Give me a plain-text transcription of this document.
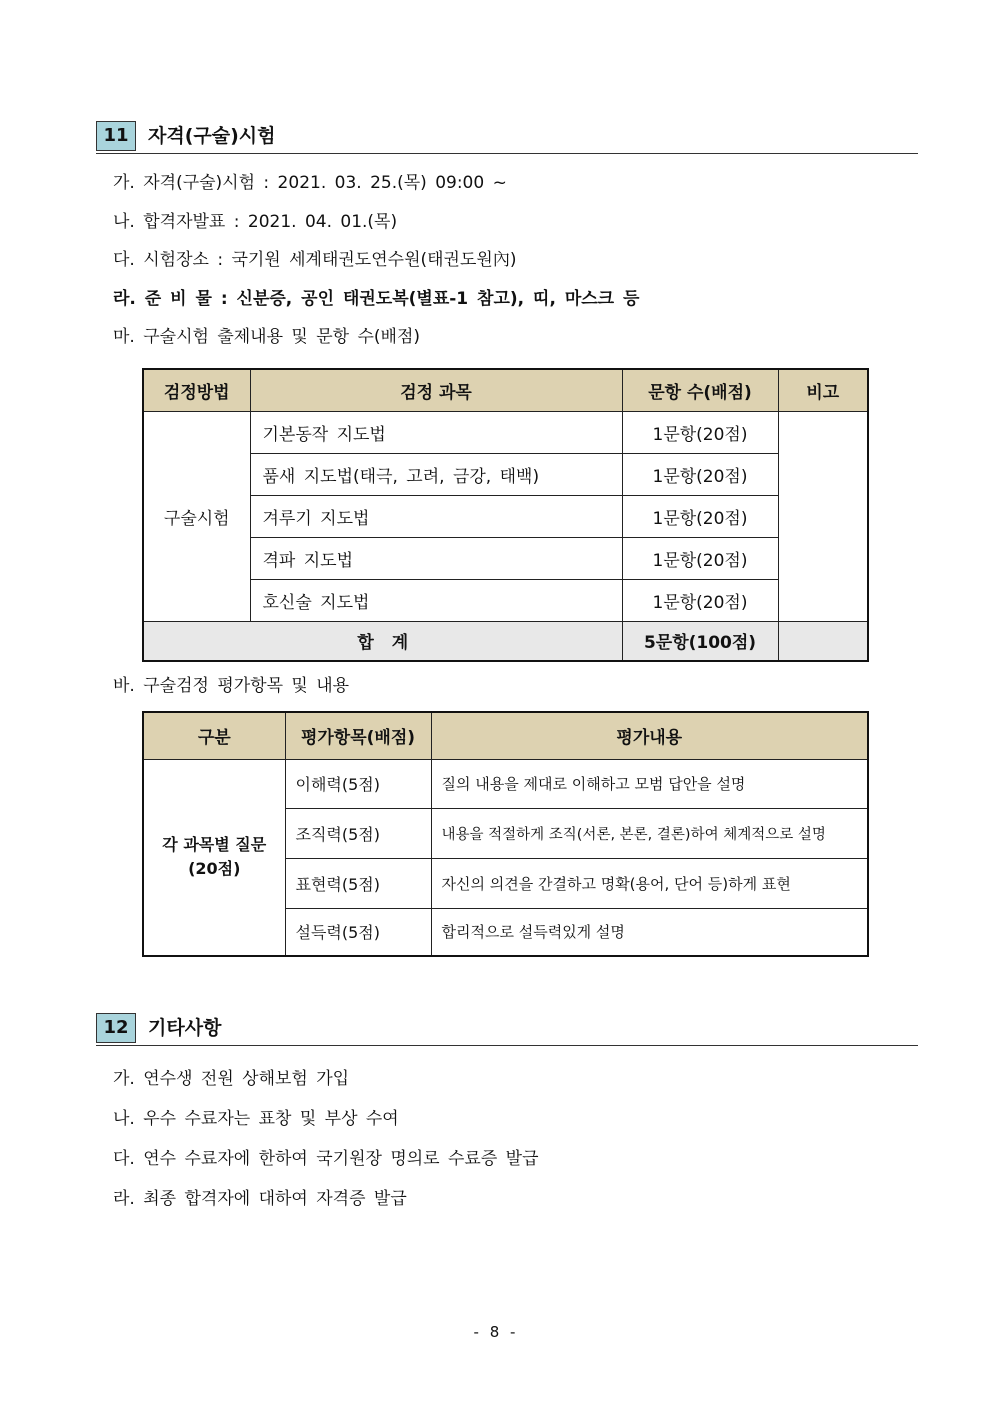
11	자격(구술)시험
가. 자격(구술)시험 : 2021. 03. 25.(목) 09:00 ~
나. 합격자발표 : 2021. 04. 01.(목)
다. 시험장소 : 국기원 세계태권도연수원(태권도원內)
라. 준 비 물 : 신분증, 공인 태권도복(별표-1 참고), 띠, 마스크 등
마. 구술시험 출제내용 및 문항 수(배점)
검정방법	검정 과목	문항 수(배점)	비고
구술시험	기본동작 지도법	1문항(20점)	
	품새 지도법(태극, 고려, 금강, 태백)	1문항(20점)	
	겨루기 지도법	1문항(20점)	
	격파 지도법	1문항(20점)	
	호신술 지도법	1문항(20점)	
합 계		5문항(100점)	
바. 구술검정 평가항목 및 내용
구분	평가항목(배점)	평가내용

각 과목별 질문
(20점)	이해력(5점)	질의 내용을 제대로 이해하고 모범 답안을 설명
	조직력(5점)	내용을 적절하게 조직(서론, 본론, 결론)하여 체계적으로 설명
	표현력(5점)	자신의 의견을 간결하고 명확(용어, 단어 등)하게 표현
	설득력(5점)	합리적으로 설득력있게 설명
12	기타사항
가. 연수생 전원 상해보험 가입
나. 우수 수료자는 표창 및 부상 수여
다. 연수 수료자에 한하여 국기원장 명의로 수료증 발급
라. 최종 합격자에 대하여 자격증 발급
- 8 -
